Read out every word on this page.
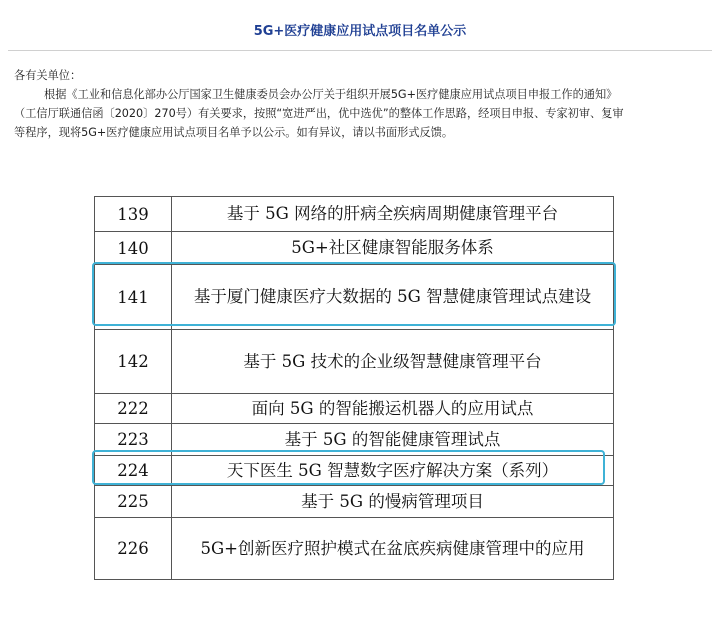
5G+医疗健康应用试点项目名单公示

各有关单位：

根据《工业和信息化部办公厅国家卫生健康委员会办公厅关于组织开展5G+医疗健康应用试点项目申报工作的通知》

（工信厅联通信函〔2020〕270号）有关要求，按照“宽进严出，优中选优”的整体工作思路，经项目申报、专家初审、复审

等程序，现将5G+医疗健康应用试点项目名单予以公示。如有异议，请以书面形式反馈。

139	基于 5G 网络的肝病全疾病周期健康管理平台
140	5G+社区健康智能服务体系
141	基于厦门健康医疗大数据的 5G 智慧健康管理试点建设
142	基于 5G 技术的企业级智慧健康管理平台
222	面向 5G 的智能搬运机器人的应用试点
223	基于 5G 的智能健康管理试点
224	天下医生 5G 智慧数字医疗解决方案（系列）
225	基于 5G 的慢病管理项目
226	5G+创新医疗照护模式在盆底疾病健康管理中的应用
